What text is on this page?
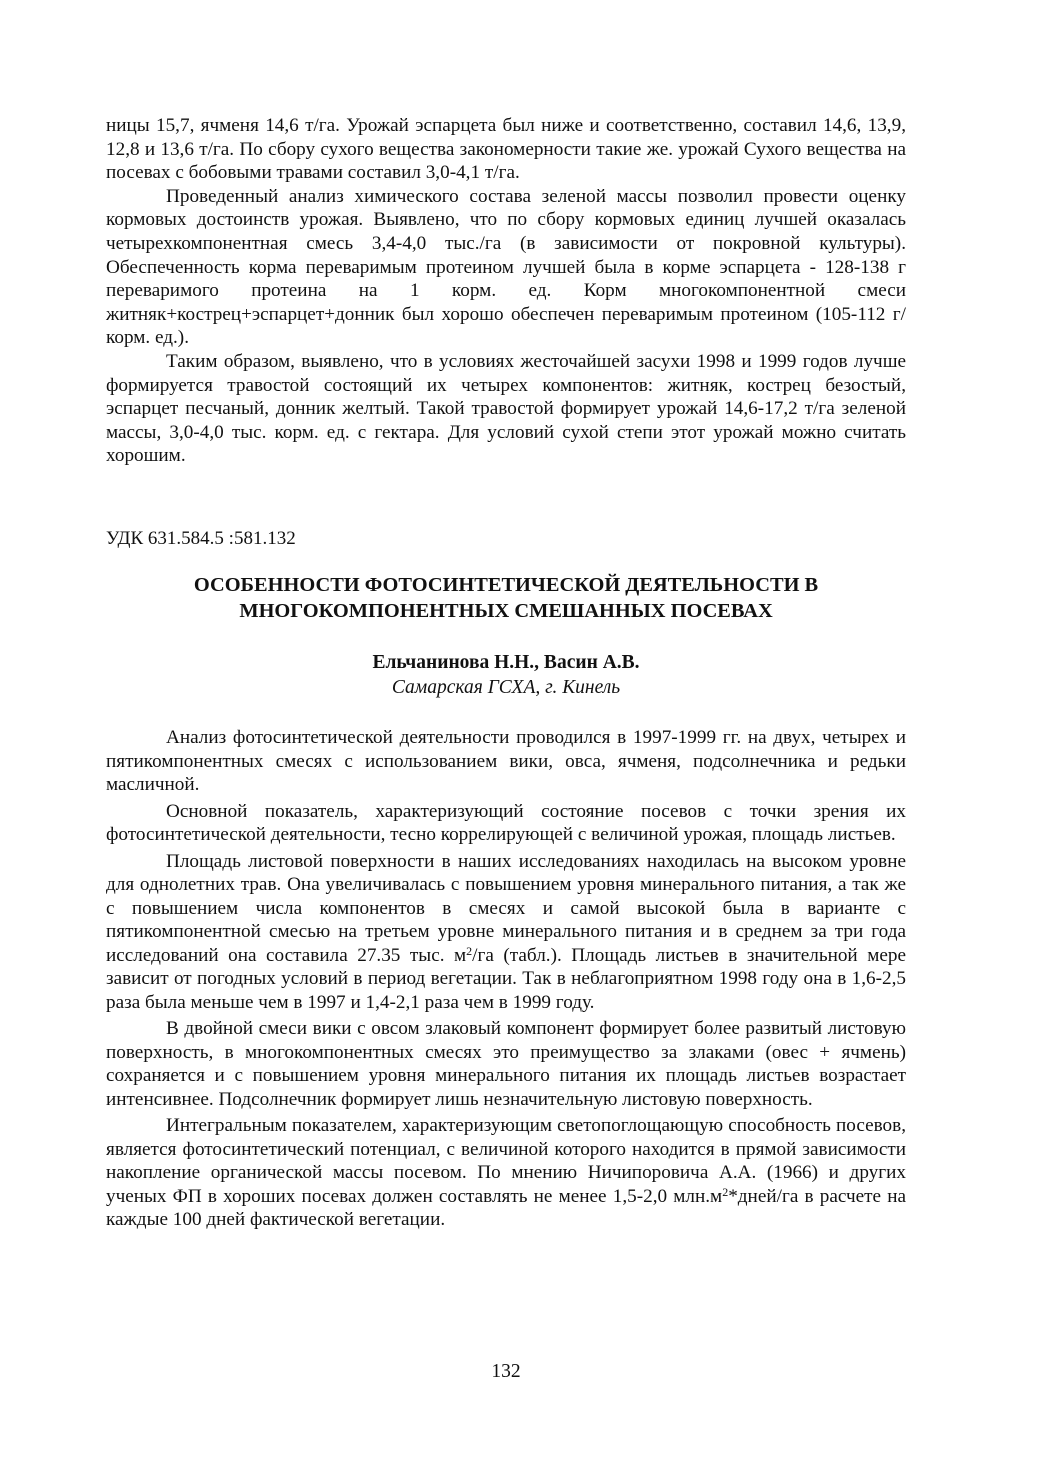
ницы 15,7, ячменя 14,6 т/га. Урожай эспарцета был ниже и соответственно, составил 14,6, 13,9, 12,8 и 13,6 т/га. По сбору сухого вещества закономерности такие же. урожай Сухого вещества на посевах с бобовыми травами составил 3,0-4,1 т/га.

Проведенный анализ химического состава зеленой массы позволил провести оценку кормовых достоинств урожая. Выявлено, что по сбору кормовых единиц лучшей оказалась четырехкомпонентная смесь 3,4-4,0 тыс./га (в зависимости от покровной культуры). Обеспеченность корма переваримым протеином лучшей была в корме эспарцета - 128-138 г переваримого протеина на 1 корм. ед. Корм многокомпонентной смеси житняк+кострец+эспарцет+донник был хорошо обеспечен переваримым протеином (105-112 г/корм. ед.).

Таким образом, выявлено, что в условиях жесточайшей засухи 1998 и 1999 годов лучше формируется травостой состоящий их четырех компонентов: житняк, кострец безостый, эспарцет песчаный, донник желтый. Такой травостой формирует урожай 14,6-17,2 т/га зеленой массы, 3,0-4,0 тыс. корм. ед. с гектара. Для условий сухой степи этот урожай можно считать хорошим.

УДК 631.584.5 :581.132
ОСОБЕННОСТИ ФОТОСИНТЕТИЧЕСКОЙ ДЕЯТЕЛЬНОСТИ В
МНОГОКОМПОНЕНТНЫХ СМЕШАННЫХ ПОСЕВАХ
Ельчанинова Н.Н., Васин А.В.
Самарская ГСХА, г. Кинель

Анализ фотосинтетической деятельности проводился в 1997-1999 гг. на двух, четырех и пятикомпонентных смесях с использованием вики, овса, ячменя, подсолнечника и редьки масличной.

Основной показатель, характеризующий состояние посевов с точки зрения их фотосинтетической деятельности, тесно коррелирующей с величиной урожая, площадь листьев.

Площадь листовой поверхности в наших исследованиях находилась на высоком уровне для однолетних трав. Она увеличивалась с повышением уровня минерального питания, а так же с повышением числа компонентов в смесях и самой высокой была в варианте с пятикомпонентной смесью на третьем уровне минерального питания и в среднем за три года исследований она составила 27.35 тыс. $м^2/га$ (табл.). Площадь листьев в значительной мере зависит от погодных условий в период вегетации. Так в неблагоприятном 1998 году она в 1,6-2,5 раза была меньше чем в 1997 и 1,4-2,1 раза чем в 1999 году.

В двойной смеси вики с овсом злаковый компонент формирует более развитый листовую поверхность, в многокомпонентных смесях это преимущество за злаками (овес + ячмень) сохраняется и с повышением уровня минерального питания их площадь листьев возрастает интенсивнее. Подсолнечник формирует лишь незначительную листовую поверхность.

Интегральным показателем, характеризующим светопоглощающую способность посевов, является фотосинтетический потенциал, с величиной которого находится в прямой зависимости накопление органической массы посевом. По мнению Ничипоровича А.А. (1966) и других ученых ФП в хороших посевах должен составлять не менее 1,5-2,0 $млн.м^2*дней/га$ в расчете на каждые 100 дней фактической вегетации.

132
